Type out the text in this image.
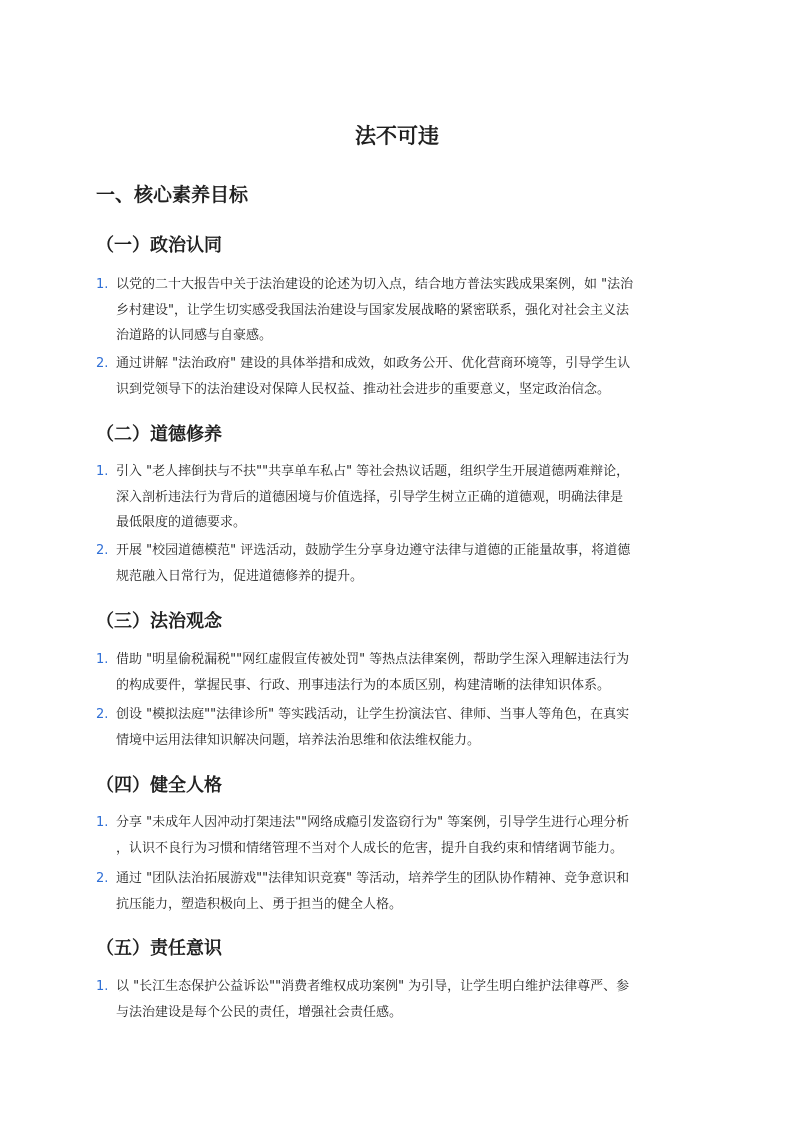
法不可违
一、核心素养目标
（一）政治认同
1. 以党的二十大报告中关于法治建设的论述为切入点，结合地方普法实践成果案例，如 "法治
乡村建设"，让学生切实感受我国法治建设与国家发展战略的紧密联系，强化对社会主义法
治道路的认同感与自豪感。
2. 通过讲解 "法治政府" 建设的具体举措和成效，如政务公开、优化营商环境等，引导学生认
识到党领导下的法治建设对保障人民权益、推动社会进步的重要意义，坚定政治信念。
（二）道德修养
1. 引入 "老人摔倒扶与不扶""共享单车私占" 等社会热议话题，组织学生开展道德两难辩论，
深入剖析违法行为背后的道德困境与价值选择，引导学生树立正确的道德观，明确法律是
最低限度的道德要求。
2. 开展 "校园道德模范" 评选活动，鼓励学生分享身边遵守法律与道德的正能量故事，将道德
规范融入日常行为，促进道德修养的提升。
（三）法治观念
1. 借助 "明星偷税漏税""网红虚假宣传被处罚" 等热点法律案例，帮助学生深入理解违法行为
的构成要件，掌握民事、行政、刑事违法行为的本质区别，构建清晰的法律知识体系。
2. 创设 "模拟法庭""法律诊所" 等实践活动，让学生扮演法官、律师、当事人等角色，在真实
情境中运用法律知识解决问题，培养法治思维和依法维权能力。
（四）健全人格
1. 分享 "未成年人因冲动打架违法""网络成瘾引发盗窃行为" 等案例，引导学生进行心理分析
，认识不良行为习惯和情绪管理不当对个人成长的危害，提升自我约束和情绪调节能力。
2. 通过 "团队法治拓展游戏""法律知识竞赛" 等活动，培养学生的团队协作精神、竞争意识和
抗压能力，塑造积极向上、勇于担当的健全人格。
（五）责任意识
1. 以 "长江生态保护公益诉讼""消费者维权成功案例" 为引导，让学生明白维护法律尊严、参
与法治建设是每个公民的责任，增强社会责任感。
